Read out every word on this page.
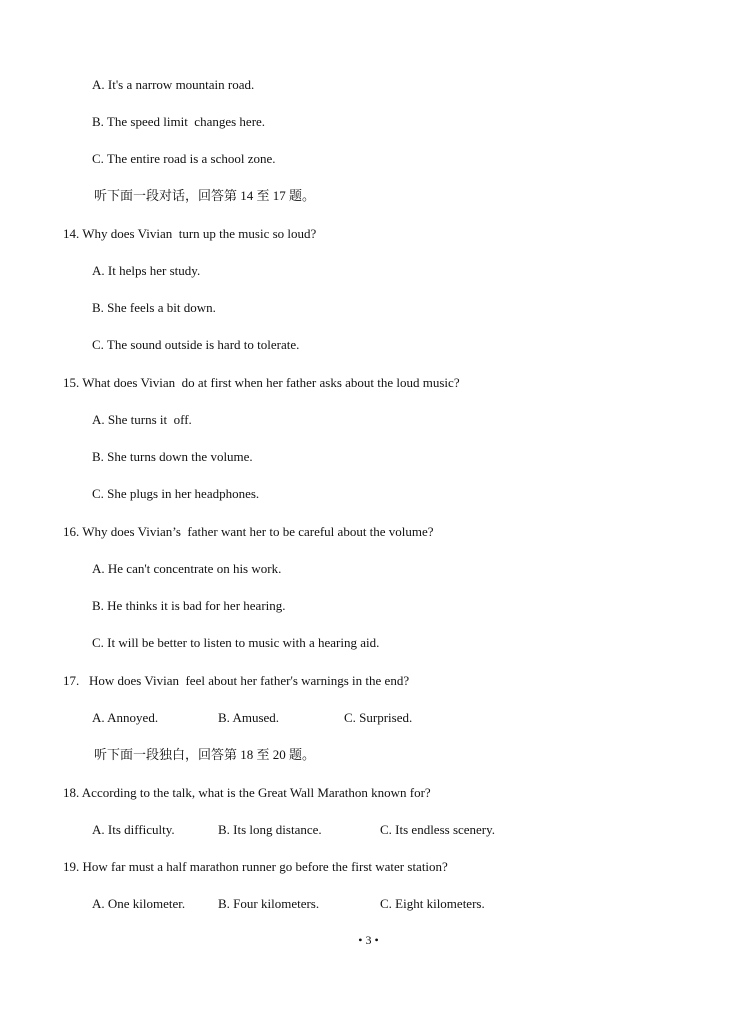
A. It's a narrow mountain road.
B. The speed limit  changes here.
C. The entire road is a school zone.
听下面一段对话，回答第 14 至 17 题。
14. Why does Vivian  turn up the music so loud?
A. It helps her study.
B. She feels a bit down.
C. The sound outside is hard to tolerate.
15. What does Vivian  do at first when her father asks about the loud music?
A. She turns it  off.
B. She turns down the volume.
C. She plugs in her headphones.
16. Why does Vivian’s  father want her to be careful about the volume?
A. He can't concentrate on his work.
B. He thinks it is bad for her hearing.
C. It will be better to listen to music with a hearing aid.
17.   How does Vivian  feel about her father's warnings in the end?
A. Annoyed.	B. Amused.	C. Surprised.
听下面一段独白，回答第 18 至 20 题。
18. According to the talk, what is the Great Wall Marathon known for?
A. Its difficulty.	B. Its long distance.	C. Its endless scenery.
19. How far must a half marathon runner go before the first water station?
A. One kilometer.	B. Four kilometers.	C. Eight kilometers.
• 3 •
